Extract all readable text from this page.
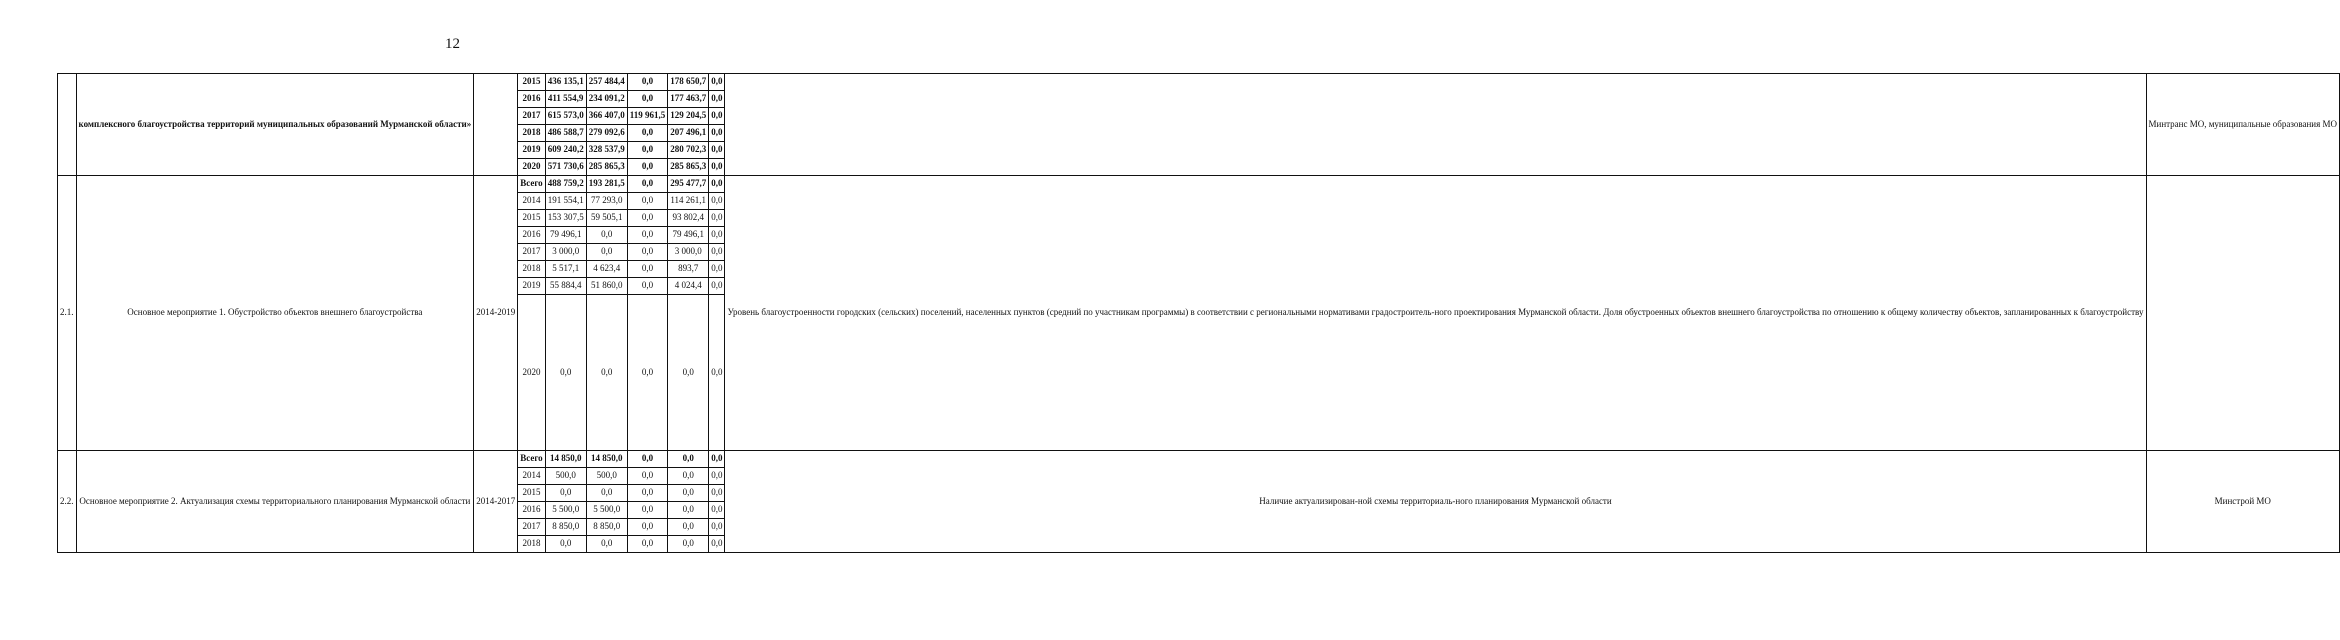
12
	комплексного благоустройства территорий муниципальных образований Мурманской области»		2015	436 135,1	257 484,4	0,0	178 650,7	0,0		Минтранс МО, муниципальные образования МО
			2016	411 554,9	234 091,2	0,0	177 463,7	0,0		
			2017	615 573,0	366 407,0	119 961,5	129 204,5	0,0		
			2018	486 588,7	279 092,6	0,0	207 496,1	0,0		
			2019	609 240,2	328 537,9	0,0	280 702,3	0,0		
			2020	571 730,6	285 865,3	0,0	285 865,3	0,0		
2.1.	Основное мероприятие 1. Обустройство объектов внешнего благоустройства	2014-2019	Всего	488 759,2	193 281,5	0,0	295 477,7	0,0	Уровень благоустроенности городских (сельских) поселений, населенных пунктов (средний по участникам программы) в соответствии с региональными нормативами градостроитель-ного проектирования Мурманской области. Доля обустроенных объектов внешнего благоустройства по отношению к общему количеству объектов, запланированных к благоустройству	
			2014	191 554,1	77 293,0	0,0	114 261,1	0,0		
			2015	153 307,5	59 505,1	0,0	93 802,4	0,0		
			2016	79 496,1	0,0	0,0	79 496,1	0,0		
			2017	3 000,0	0,0	0,0	3 000,0	0,0		
			2018	5 517,1	4 623,4	0,0	893,7	0,0		
			2019	55 884,4	51 860,0	0,0	4 024,4	0,0		
			2020	0,0	0,0	0,0	0,0	0,0		
2.2.	Основное мероприятие 2. Актуализация схемы территориального планирования Мурманской области	2014-2017	Всего	14 850,0	14 850,0	0,0	0,0	0,0	Наличие актуализирован-ной схемы территориаль-ного планирования Мурманской области	Минстрой МО
			2014	500,0	500,0	0,0	0,0	0,0		
			2015	0,0	0,0	0,0	0,0	0,0		
			2016	5 500,0	5 500,0	0,0	0,0	0,0		
			2017	8 850,0	8 850,0	0,0	0,0	0,0		
			2018	0,0	0,0	0,0	0,0	0,0		
